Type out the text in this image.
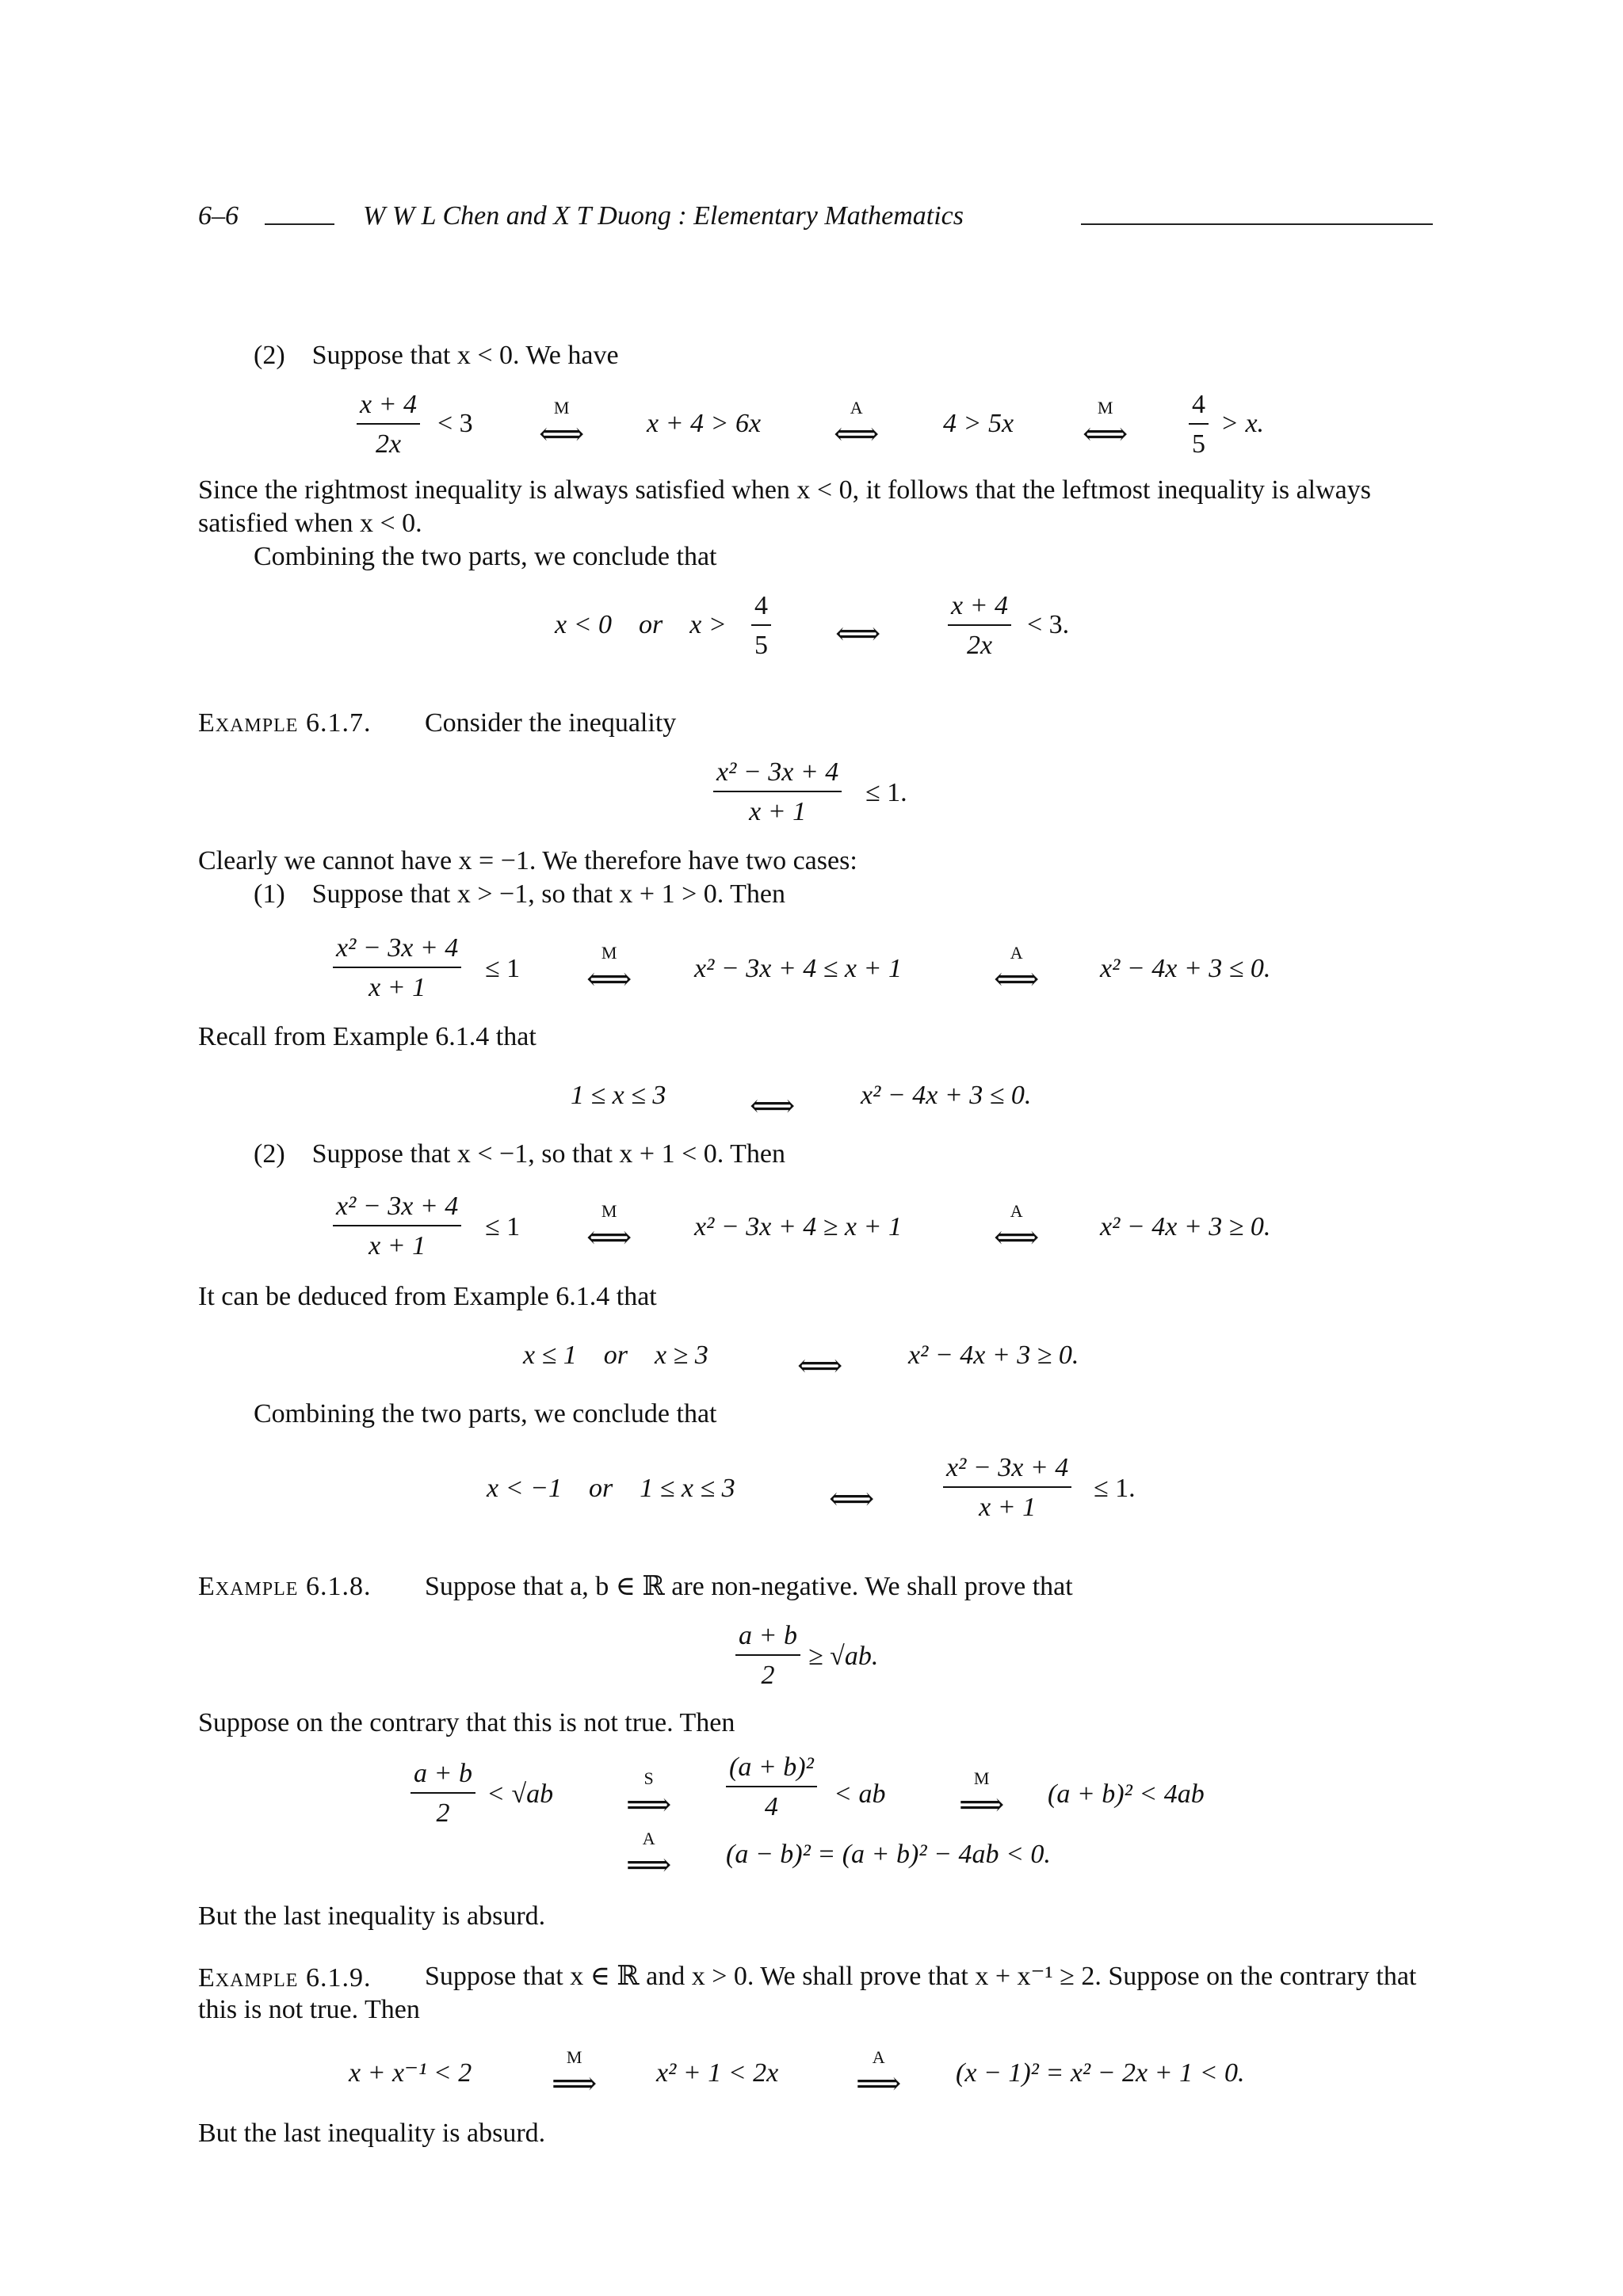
6–6	W W L Chen and X T Duong : Elementary Mathematics
(2)    Suppose that x < 0. We have
$\frac{x + 4}{2x} < 3$
M
⟺ x + 4 > 6x
A
⟺ 4 > 5x
M
⟺ $\frac{4}{5} > x$.
Since the rightmost inequality is always satisfied when x < 0, it follows that the leftmost inequality is always satisfied when x < 0.
Combining the two parts, we conclude that
x < 0    or    $x > \frac{4}{5}$ ⟺ $\frac{x + 4}{2x} < 3$.
Example 6.1.7. Consider the inequality
$\frac{\text{x² − 3x + 4}}{x + 1} \le 1$.
Clearly we cannot have x = −1. We therefore have two cases:
(1)    Suppose that x > −1, so that x + 1 > 0. Then
$\frac{\text{x² − 3x + 4}}{x + 1} \le 1$
M
⟺ x² − 3x + 4 ≤ x + 1
A
⟺ x² − 4x + 3 ≤ 0.
Recall from Example 6.1.4 that
1 ≤ x ≤ 3	⟺ x² − 4x + 3 ≤ 0.
(2)    Suppose that x < −1, so that x + 1 < 0. Then
$\frac{\text{x² − 3x + 4}}{x + 1} \le 1$
M
⟺ x² − 3x + 4 ≥ x + 1
A
⟺ x² − 4x + 3 ≥ 0.
It can be deduced from Example 6.1.4 that
x ≤ 1    or    x ≥ 3	⟺ x² − 4x + 3 ≥ 0.
Combining the two parts, we conclude that
x < −1    or    1 ≤ x ≤ 3	⟺	$\frac{\text{x² − 3x + 4}}{x + 1} \le 1$.
Example 6.1.8. Suppose that a, b ∈ ℝ are non-negative. We shall prove that
$\frac{a + b}{2} \ge √ab$.
Suppose on the contrary that this is not true. Then
$\frac{a + b}{2} < √ab$
S
⟹ $\frac{\text{(a + b)²}}{4}$ < ab
M
⟹ (a + b)² < 4ab
A
⟹ (a − b)² = (a + b)² − 4ab < 0.
But the last inequality is absurd.
Example 6.1.9.	Suppose that x ∈ ℝ and x > 0. We shall prove that x + x⁻¹ ≥ 2. Suppose on the contrary that this is not true. Then
x + x⁻¹ < 2
M
⟹ x² + 1 < 2x
A
⟹ (x − 1)² = x² − 2x + 1 < 0.
But the last inequality is absurd.
